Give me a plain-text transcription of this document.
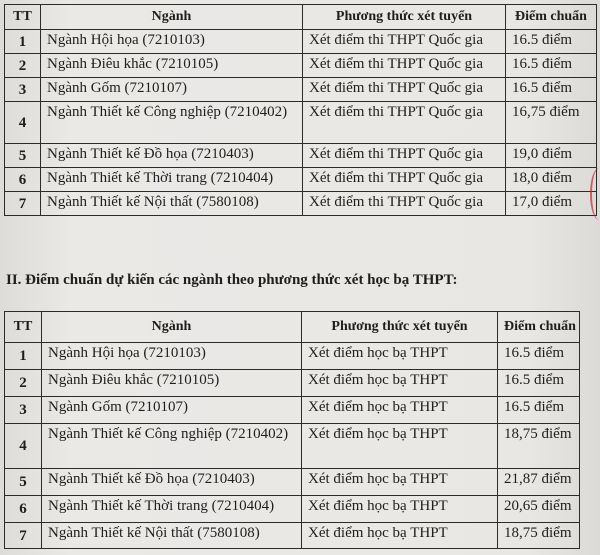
TT	Ngành	Phương thức xét tuyển	Điểm chuẩn
1	Ngành Hội họa (7210103)	Xét điểm thi THPT Quốc gia	16.5 điểm
2	Ngành Điêu khắc (7210105)	Xét điểm thi THPT Quốc gia	16.5 điểm
3	Ngành Gốm (7210107)	Xét điểm thi THPT Quốc gia	16.5 điểm
4	Ngành Thiết kế Công nghiệp (7210402)	Xét điểm thi THPT Quốc gia	16,75 điểm
5	Ngành Thiết kế Đồ họa (7210403)	Xét điểm thi THPT Quốc gia	19,0 điểm
6	Ngành Thiết kế Thời trang (7210404)	Xét điểm thi THPT Quốc gia	18,0 điểm
7	Ngành Thiết kế Nội thất (7580108)	Xét điểm thi THPT Quốc gia	17,0 điểm
II. Điểm chuẩn dự kiến các ngành theo phương thức xét học bạ THPT:
TT	Ngành	Phương thức xét tuyển	Điểm chuẩn
1	Ngành Hội họa (7210103)	Xét điểm học bạ THPT	16.5 điểm
2	Ngành Điêu khắc (7210105)	Xét điểm học bạ THPT	16.5 điểm
3	Ngành Gốm (7210107)	Xét điểm học bạ THPT	16.5 điểm
4	Ngành Thiết kế Công nghiệp (7210402)	Xét điểm học bạ THPT	18,75 điểm
5	Ngành Thiết kế Đồ họa (7210403)	Xét điểm học bạ THPT	21,87 điểm
6	Ngành Thiết kế Thời trang (7210404)	Xét điểm học bạ THPT	20,65 điểm
7	Ngành Thiết kế Nội thất (7580108)	Xét điểm học bạ THPT	18,75 điểm
